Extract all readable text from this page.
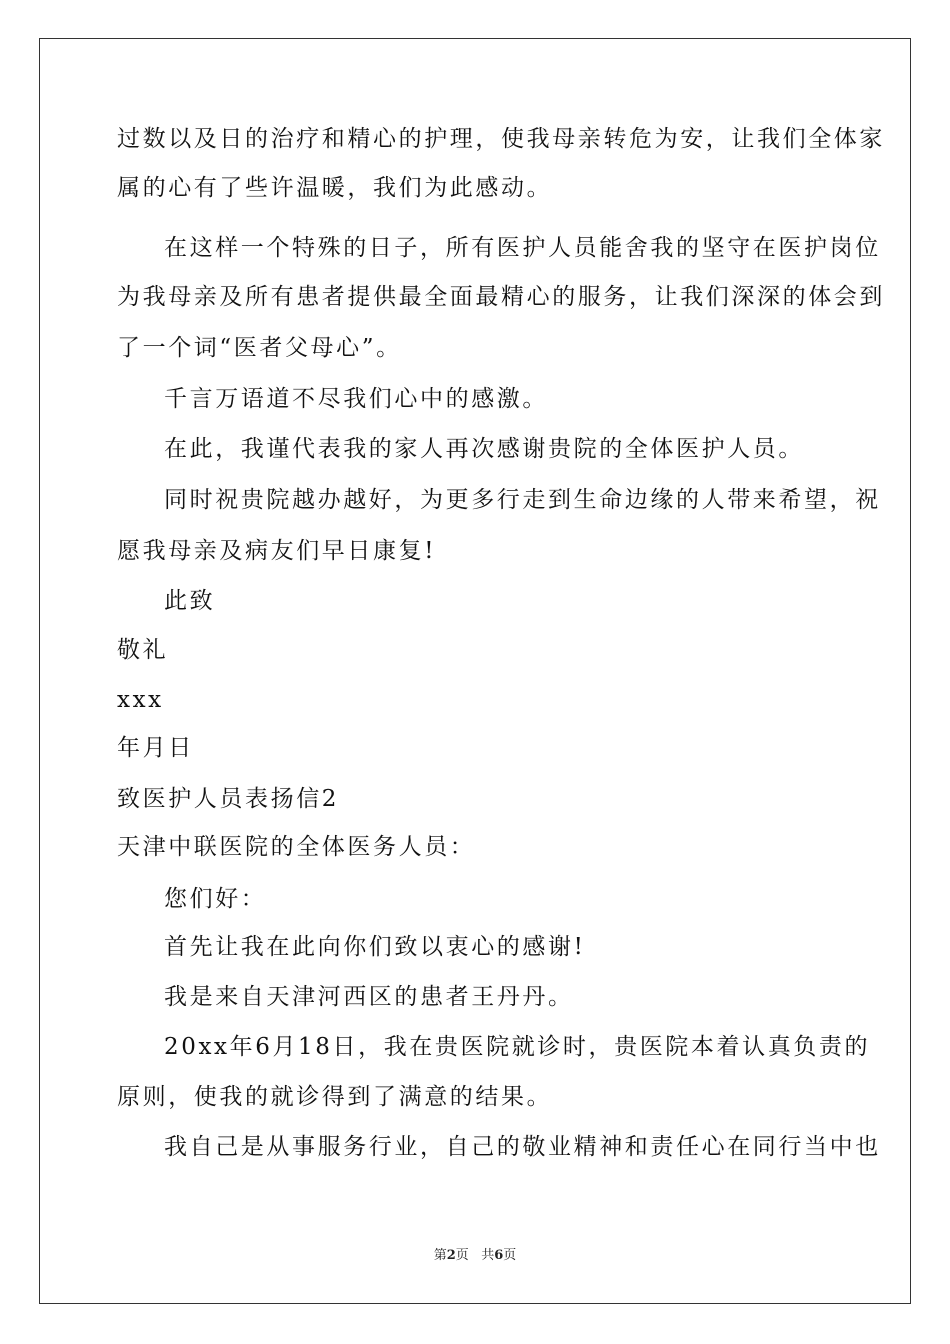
过数以及日的治疗和精心的护理，使我母亲转危为安，让我们全体家
属的心有了些许温暖，我们为此感动。
在这样一个特殊的日子，所有医护人员能舍我的坚守在医护岗位
为我母亲及所有患者提供最全面最精心的服务，让我们深深的体会到
了一个词“医者父母心”。
千言万语道不尽我们心中的感激。
在此，我谨代表我的家人再次感谢贵院的全体医护人员。
同时祝贵院越办越好，为更多行走到生命边缘的人带来希望，祝
愿我母亲及病友们早日康复!
此致
敬礼
xxx
年月日
致医护人员表扬信2
天津中联医院的全体医务人员：
您们好：
首先让我在此向你们致以衷心的感谢!
我是来自天津河西区的患者王丹丹。
20xx年6月18日，我在贵医院就诊时，贵医院本着认真负责的
原则，使我的就诊得到了满意的结果。
我自己是从事服务行业，自己的敬业精神和责任心在同行当中也
第2页 共6页
